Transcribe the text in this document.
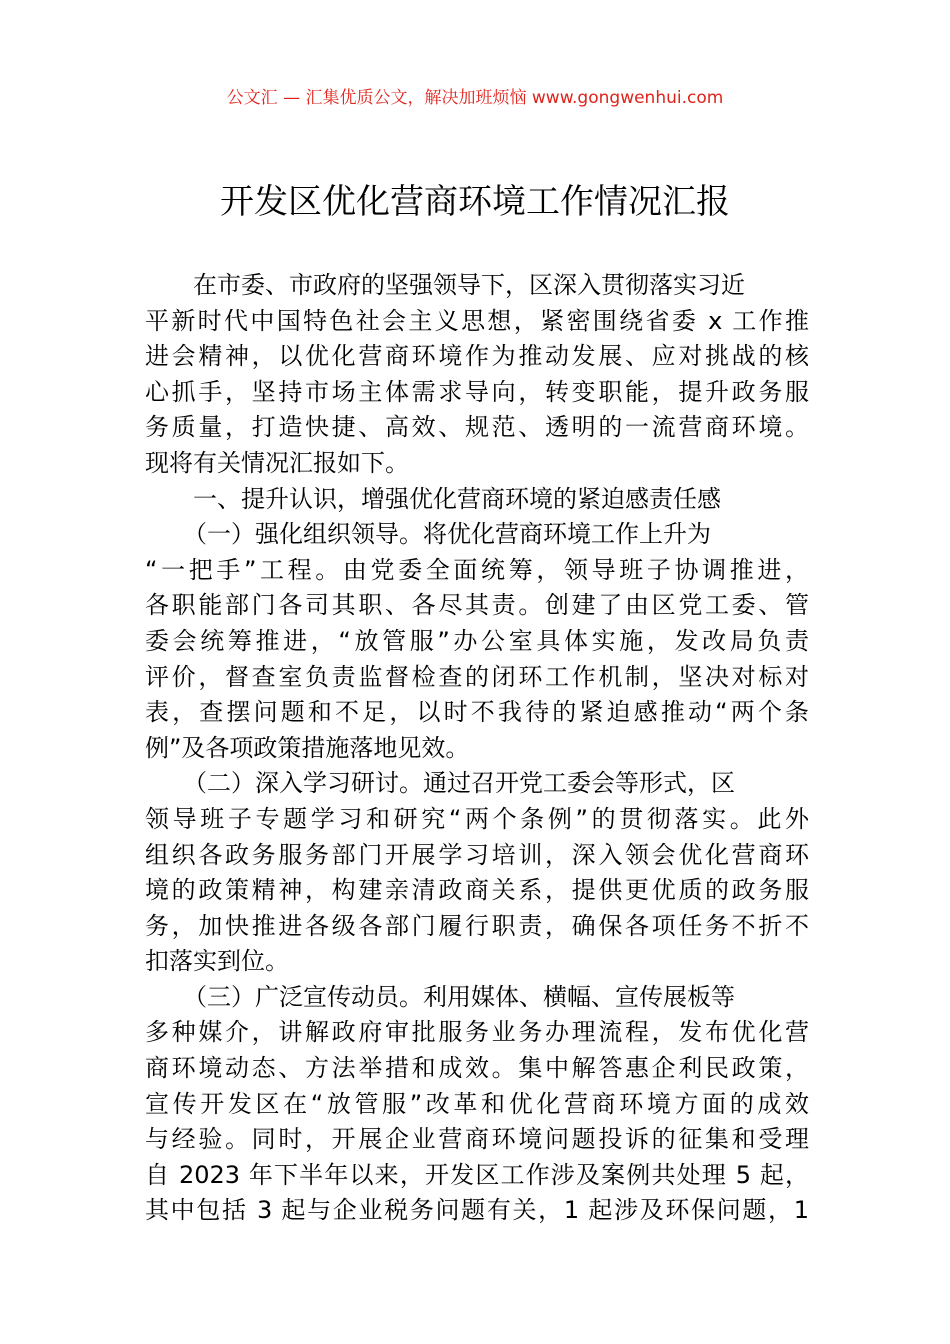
公文汇 — 汇集优质公文，解决加班烦恼 www.gongwenhui.com
开发区优化营商环境工作情况汇报
在市委、市政府的坚强领导下，区深入贯彻落实习近
平新时代中国特色社会主义思想，紧密围绕省委 x 工作推
进会精神，以优化营商环境作为推动发展、应对挑战的核
心抓手，坚持市场主体需求导向，转变职能，提升政务服
务质量，打造快捷、高效、规范、透明的一流营商环境。
现将有关情况汇报如下。
一、提升认识，增强优化营商环境的紧迫感责任感
（一）强化组织领导。将优化营商环境工作上升为
“一把手”工程。由党委全面统筹，领导班子协调推进，
各职能部门各司其职、各尽其责。创建了由区党工委、管
委会统筹推进，“放管服”办公室具体实施，发改局负责
评价，督查室负责监督检查的闭环工作机制，坚决对标对
表，查摆问题和不足，以时不我待的紧迫感推动“两个条
例”及各项政策措施落地见效。
（二）深入学习研讨。通过召开党工委会等形式，区
领导班子专题学习和研究“两个条例”的贯彻落实。此外
组织各政务服务部门开展学习培训，深入领会优化营商环
境的政策精神，构建亲清政商关系，提供更优质的政务服
务，加快推进各级各部门履行职责，确保各项任务不折不
扣落实到位。
（三）广泛宣传动员。利用媒体、横幅、宣传展板等
多种媒介，讲解政府审批服务业务办理流程，发布优化营
商环境动态、方法举措和成效。集中解答惠企利民政策，
宣传开发区在“放管服”改革和优化营商环境方面的成效
与经验。同时，开展企业营商环境问题投诉的征集和受理
自 2023 年下半年以来，开发区工作涉及案例共处理 5 起，
其中包括 3 起与企业税务问题有关，1 起涉及环保问题，1
